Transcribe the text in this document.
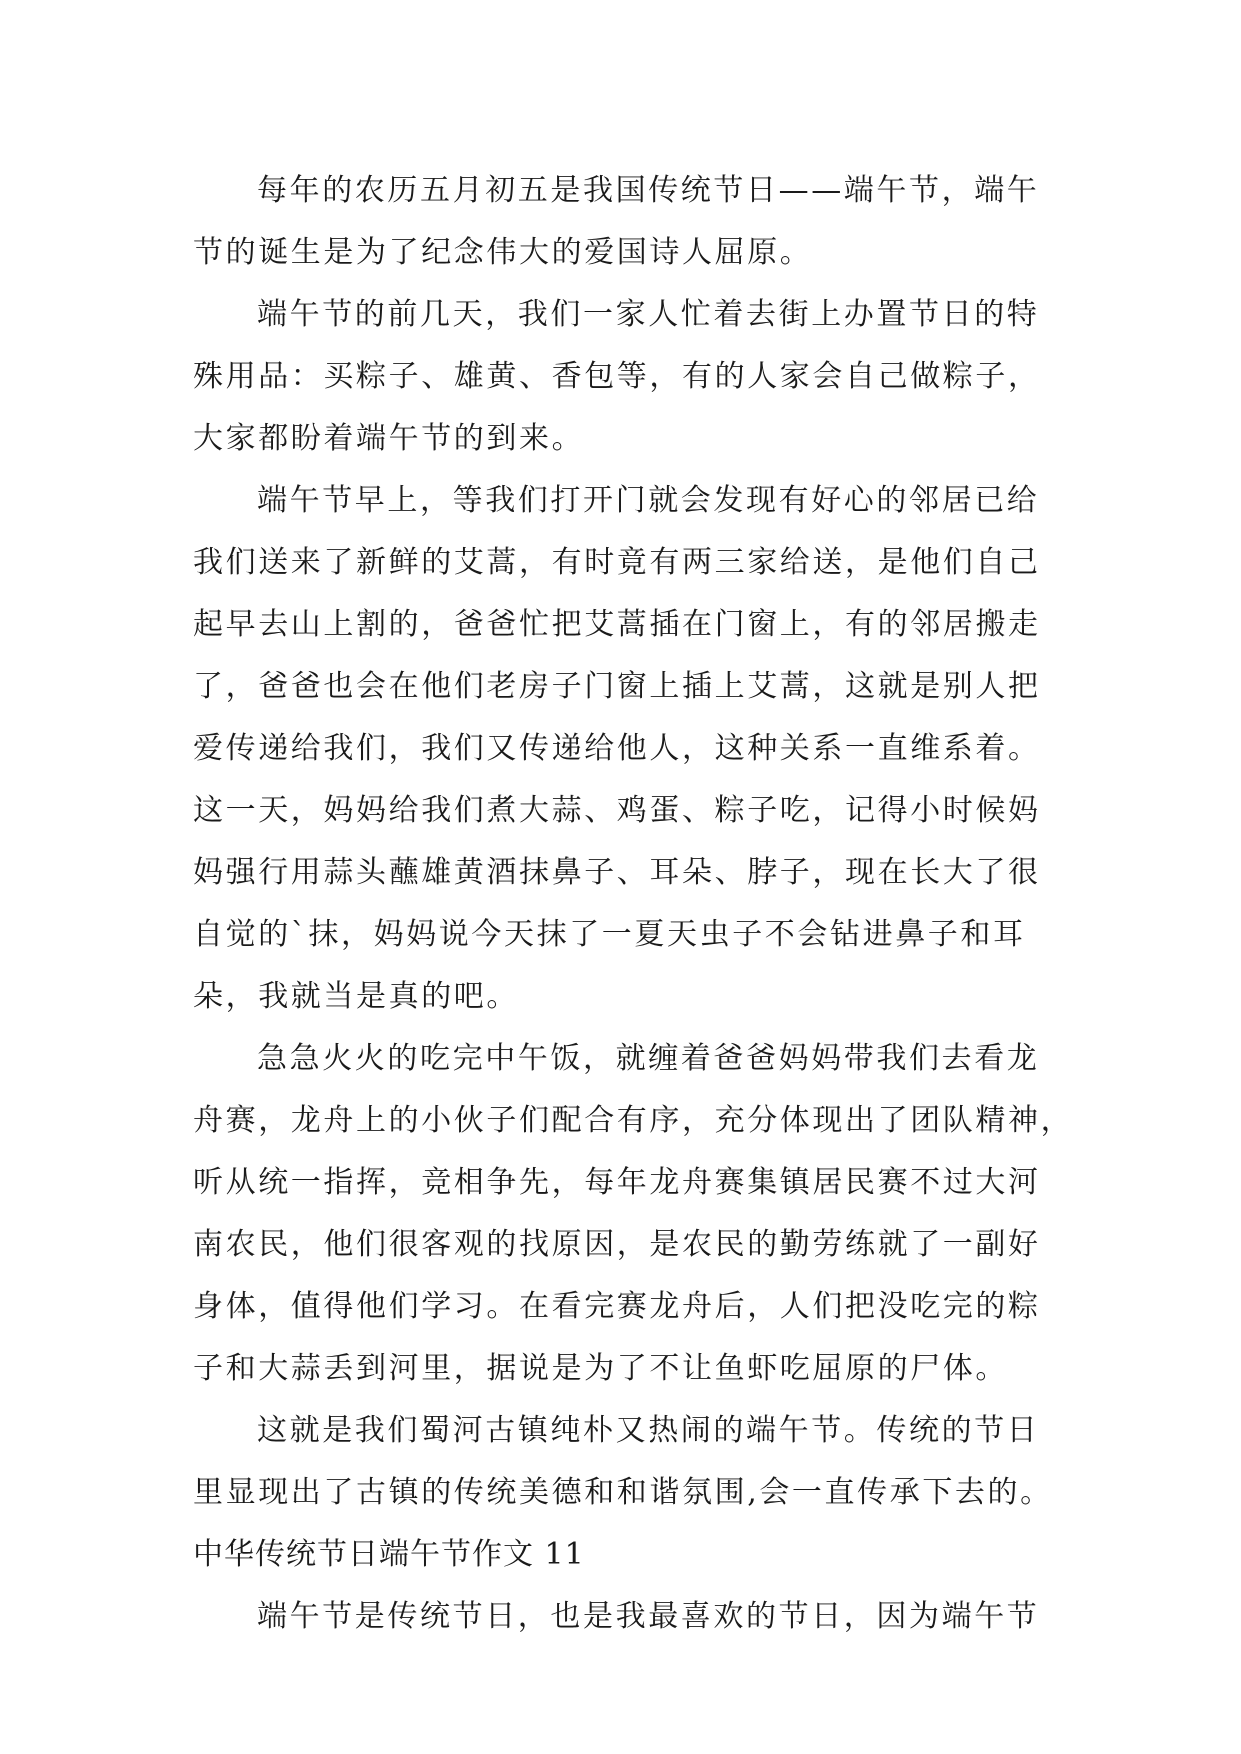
每年的农历五月初五是我国传统节日——端午节，端午
节的诞生是为了纪念伟大的爱国诗人屈原。
端午节的前几天，我们一家人忙着去街上办置节日的特
殊用品：买粽子、雄黄、香包等，有的人家会自己做粽子，
大家都盼着端午节的到来。
端午节早上，等我们打开门就会发现有好心的邻居已给
我们送来了新鲜的艾蒿，有时竟有两三家给送，是他们自己
起早去山上割的，爸爸忙把艾蒿插在门窗上，有的邻居搬走
了，爸爸也会在他们老房子门窗上插上艾蒿，这就是别人把
爱传递给我们，我们又传递给他人，这种关系一直维系着。
这一天，妈妈给我们煮大蒜、鸡蛋、粽子吃，记得小时候妈
妈强行用蒜头蘸雄黄酒抹鼻子、耳朵、脖子，现在长大了很
自觉的`抹，妈妈说今天抹了一夏天虫子不会钻进鼻子和耳
朵，我就当是真的吧。
急急火火的吃完中午饭，就缠着爸爸妈妈带我们去看龙
舟赛，龙舟上的小伙子们配合有序，充分体现出了团队精神，
听从统一指挥，竞相争先，每年龙舟赛集镇居民赛不过大河
南农民，他们很客观的找原因，是农民的勤劳练就了一副好
身体，值得他们学习。在看完赛龙舟后，人们把没吃完的粽
子和大蒜丢到河里，据说是为了不让鱼虾吃屈原的尸体。
这就是我们蜀河古镇纯朴又热闹的端午节。传统的节日
里显现出了古镇的传统美德和和谐氛围,会一直传承下去的。
中华传统节日端午节作文 11
端午节是传统节日，也是我最喜欢的节日，因为端午节
